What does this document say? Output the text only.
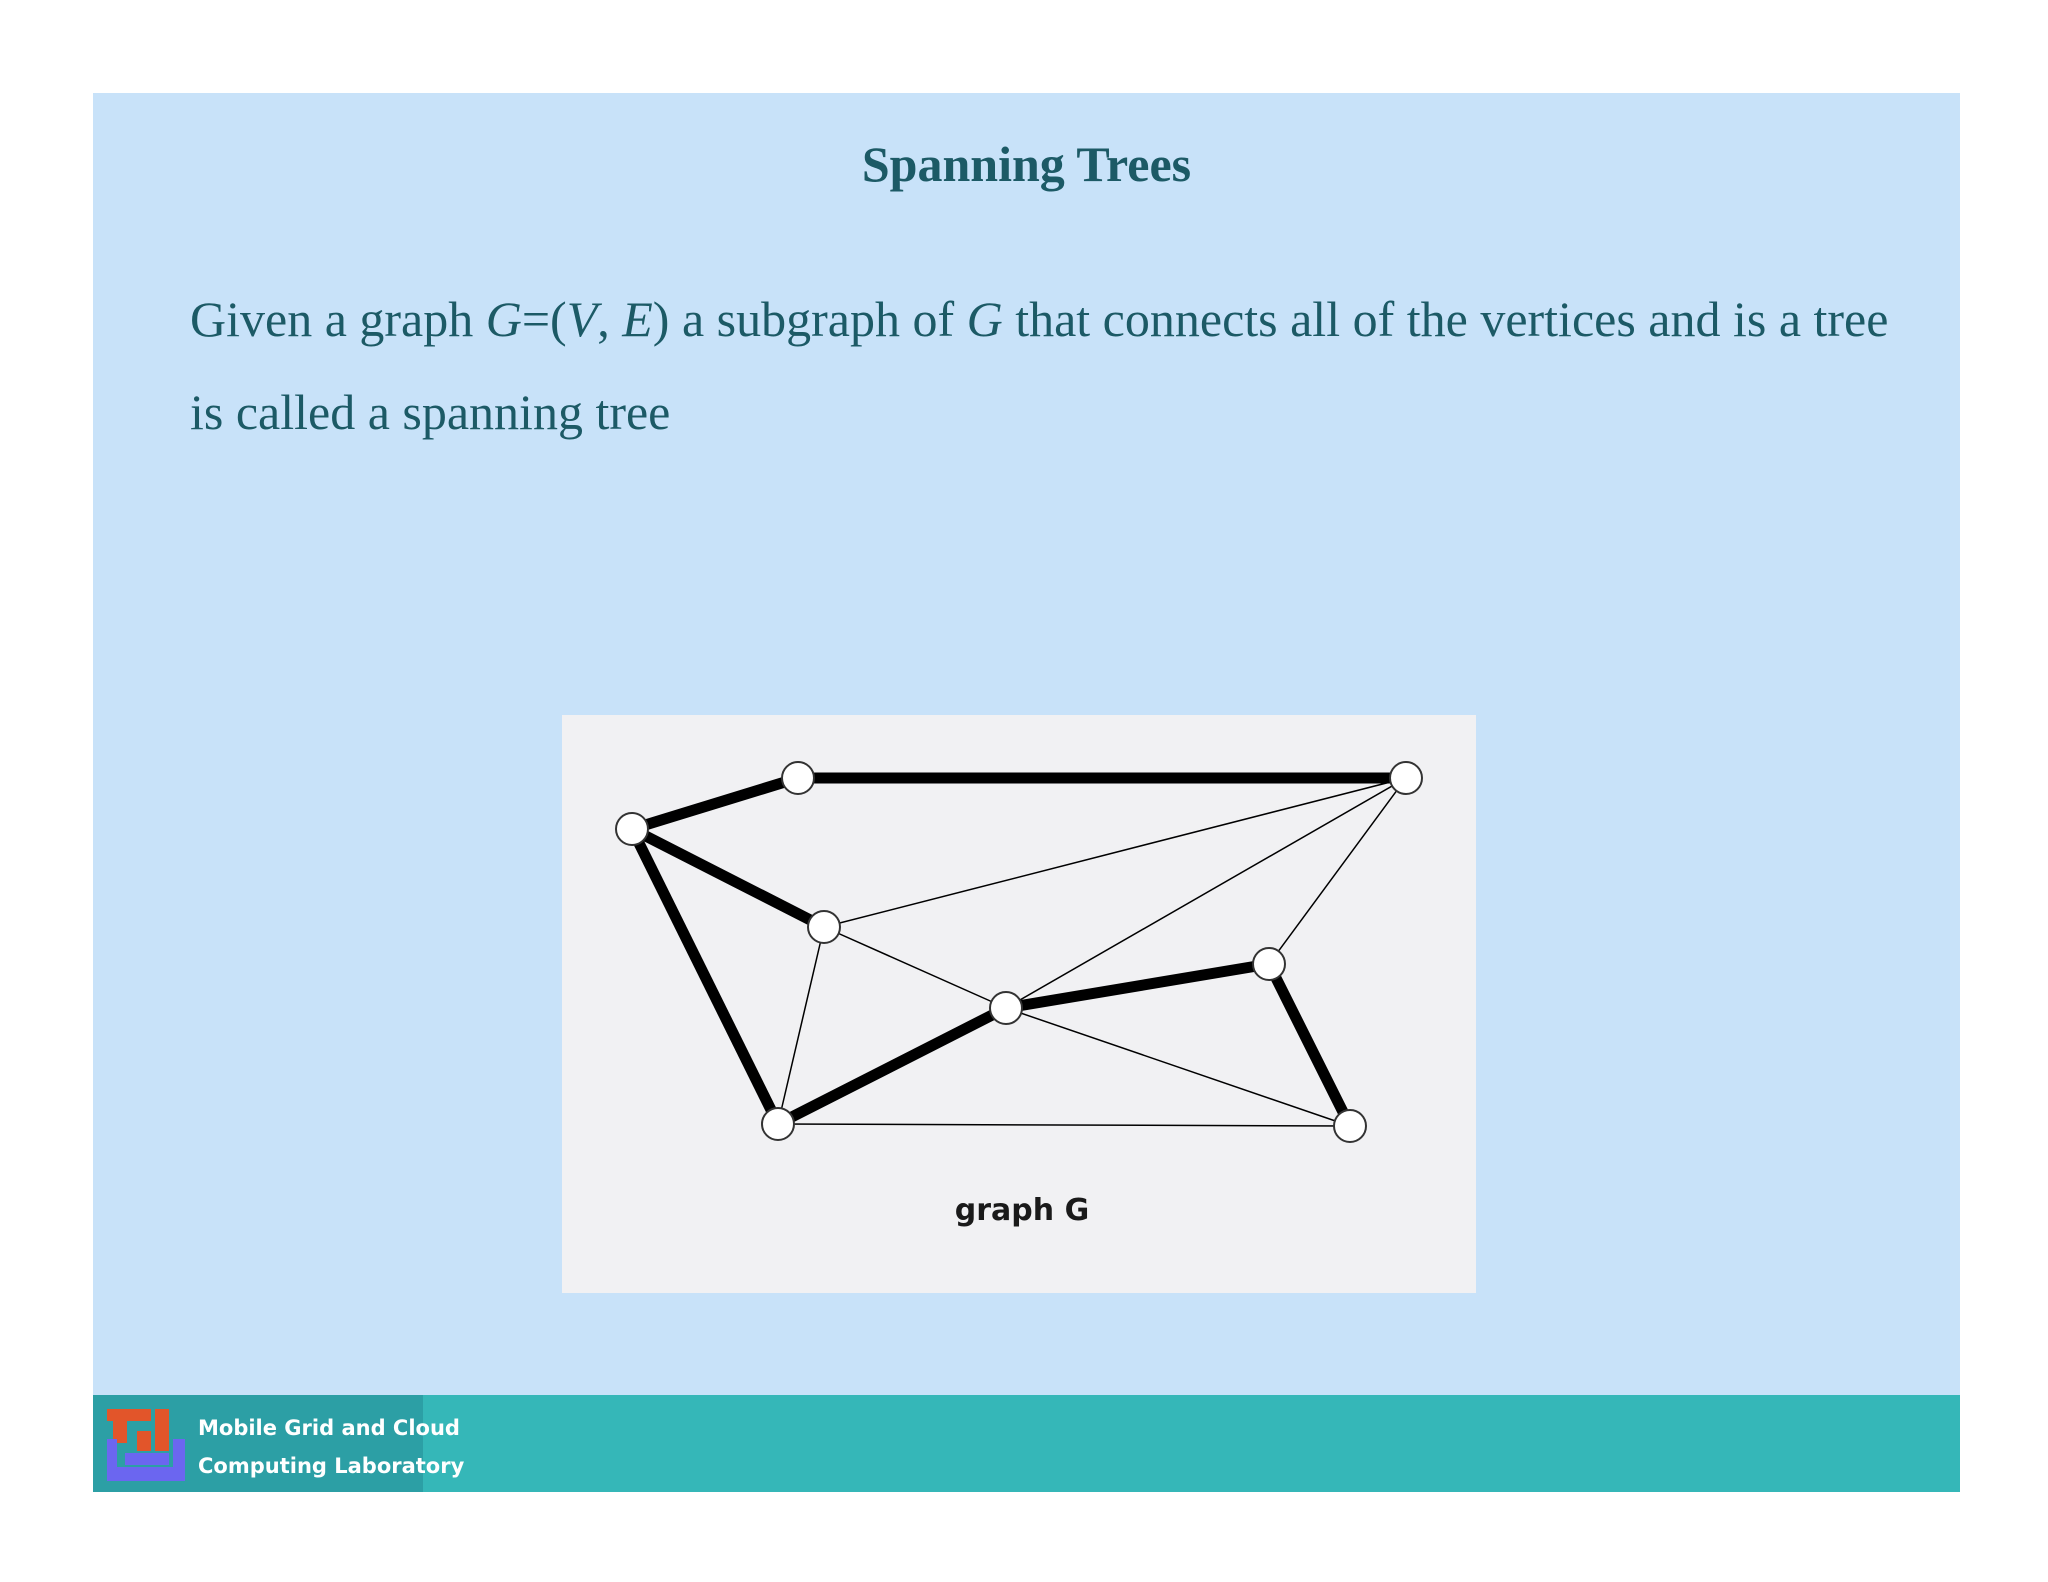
Spanning Trees

Given a graph G=(V, E) a subgraph of G that connects all of the vertices and is a tree is called a spanning tree

graph G
Mobile Grid and Cloud
Computing Laboratory
